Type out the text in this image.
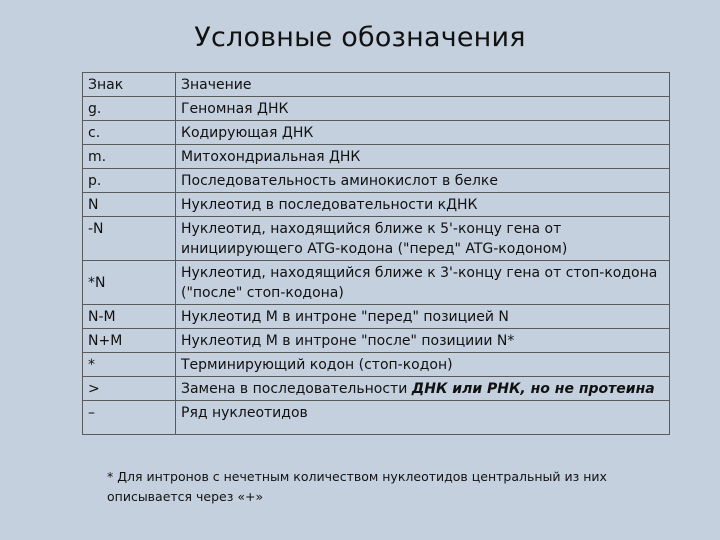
Условные обозначения
Знак	Значение
g.	Геномная ДНК
c.	Кодирующая ДНК
m.	Митохондриальная ДНК
p.	Последовательность аминокислот в белке
N	Нуклеотид в последовательности кДНК
-N	Нуклеотид, находящийся ближе к 5'-концу гена от инициирующего ATG-кодона ("перед" ATG-кодоном)
*N	Нуклеотид, находящийся ближе к 3'-концу гена от стоп-кодона ("после" стоп-кодона)
N-M	Нуклеотид M в интроне "перед" позицией N
N+M	Нуклеотид M в интроне "после" позициии N*
*	Терминирующий кодон (стоп-кодон)
>	Замена в последовательности ДНК или РНК, но не протеина
–	Ряд нуклеотидов
* Для интронов с нечетным количеством нуклеотидов центральный из них описывается через «+»
